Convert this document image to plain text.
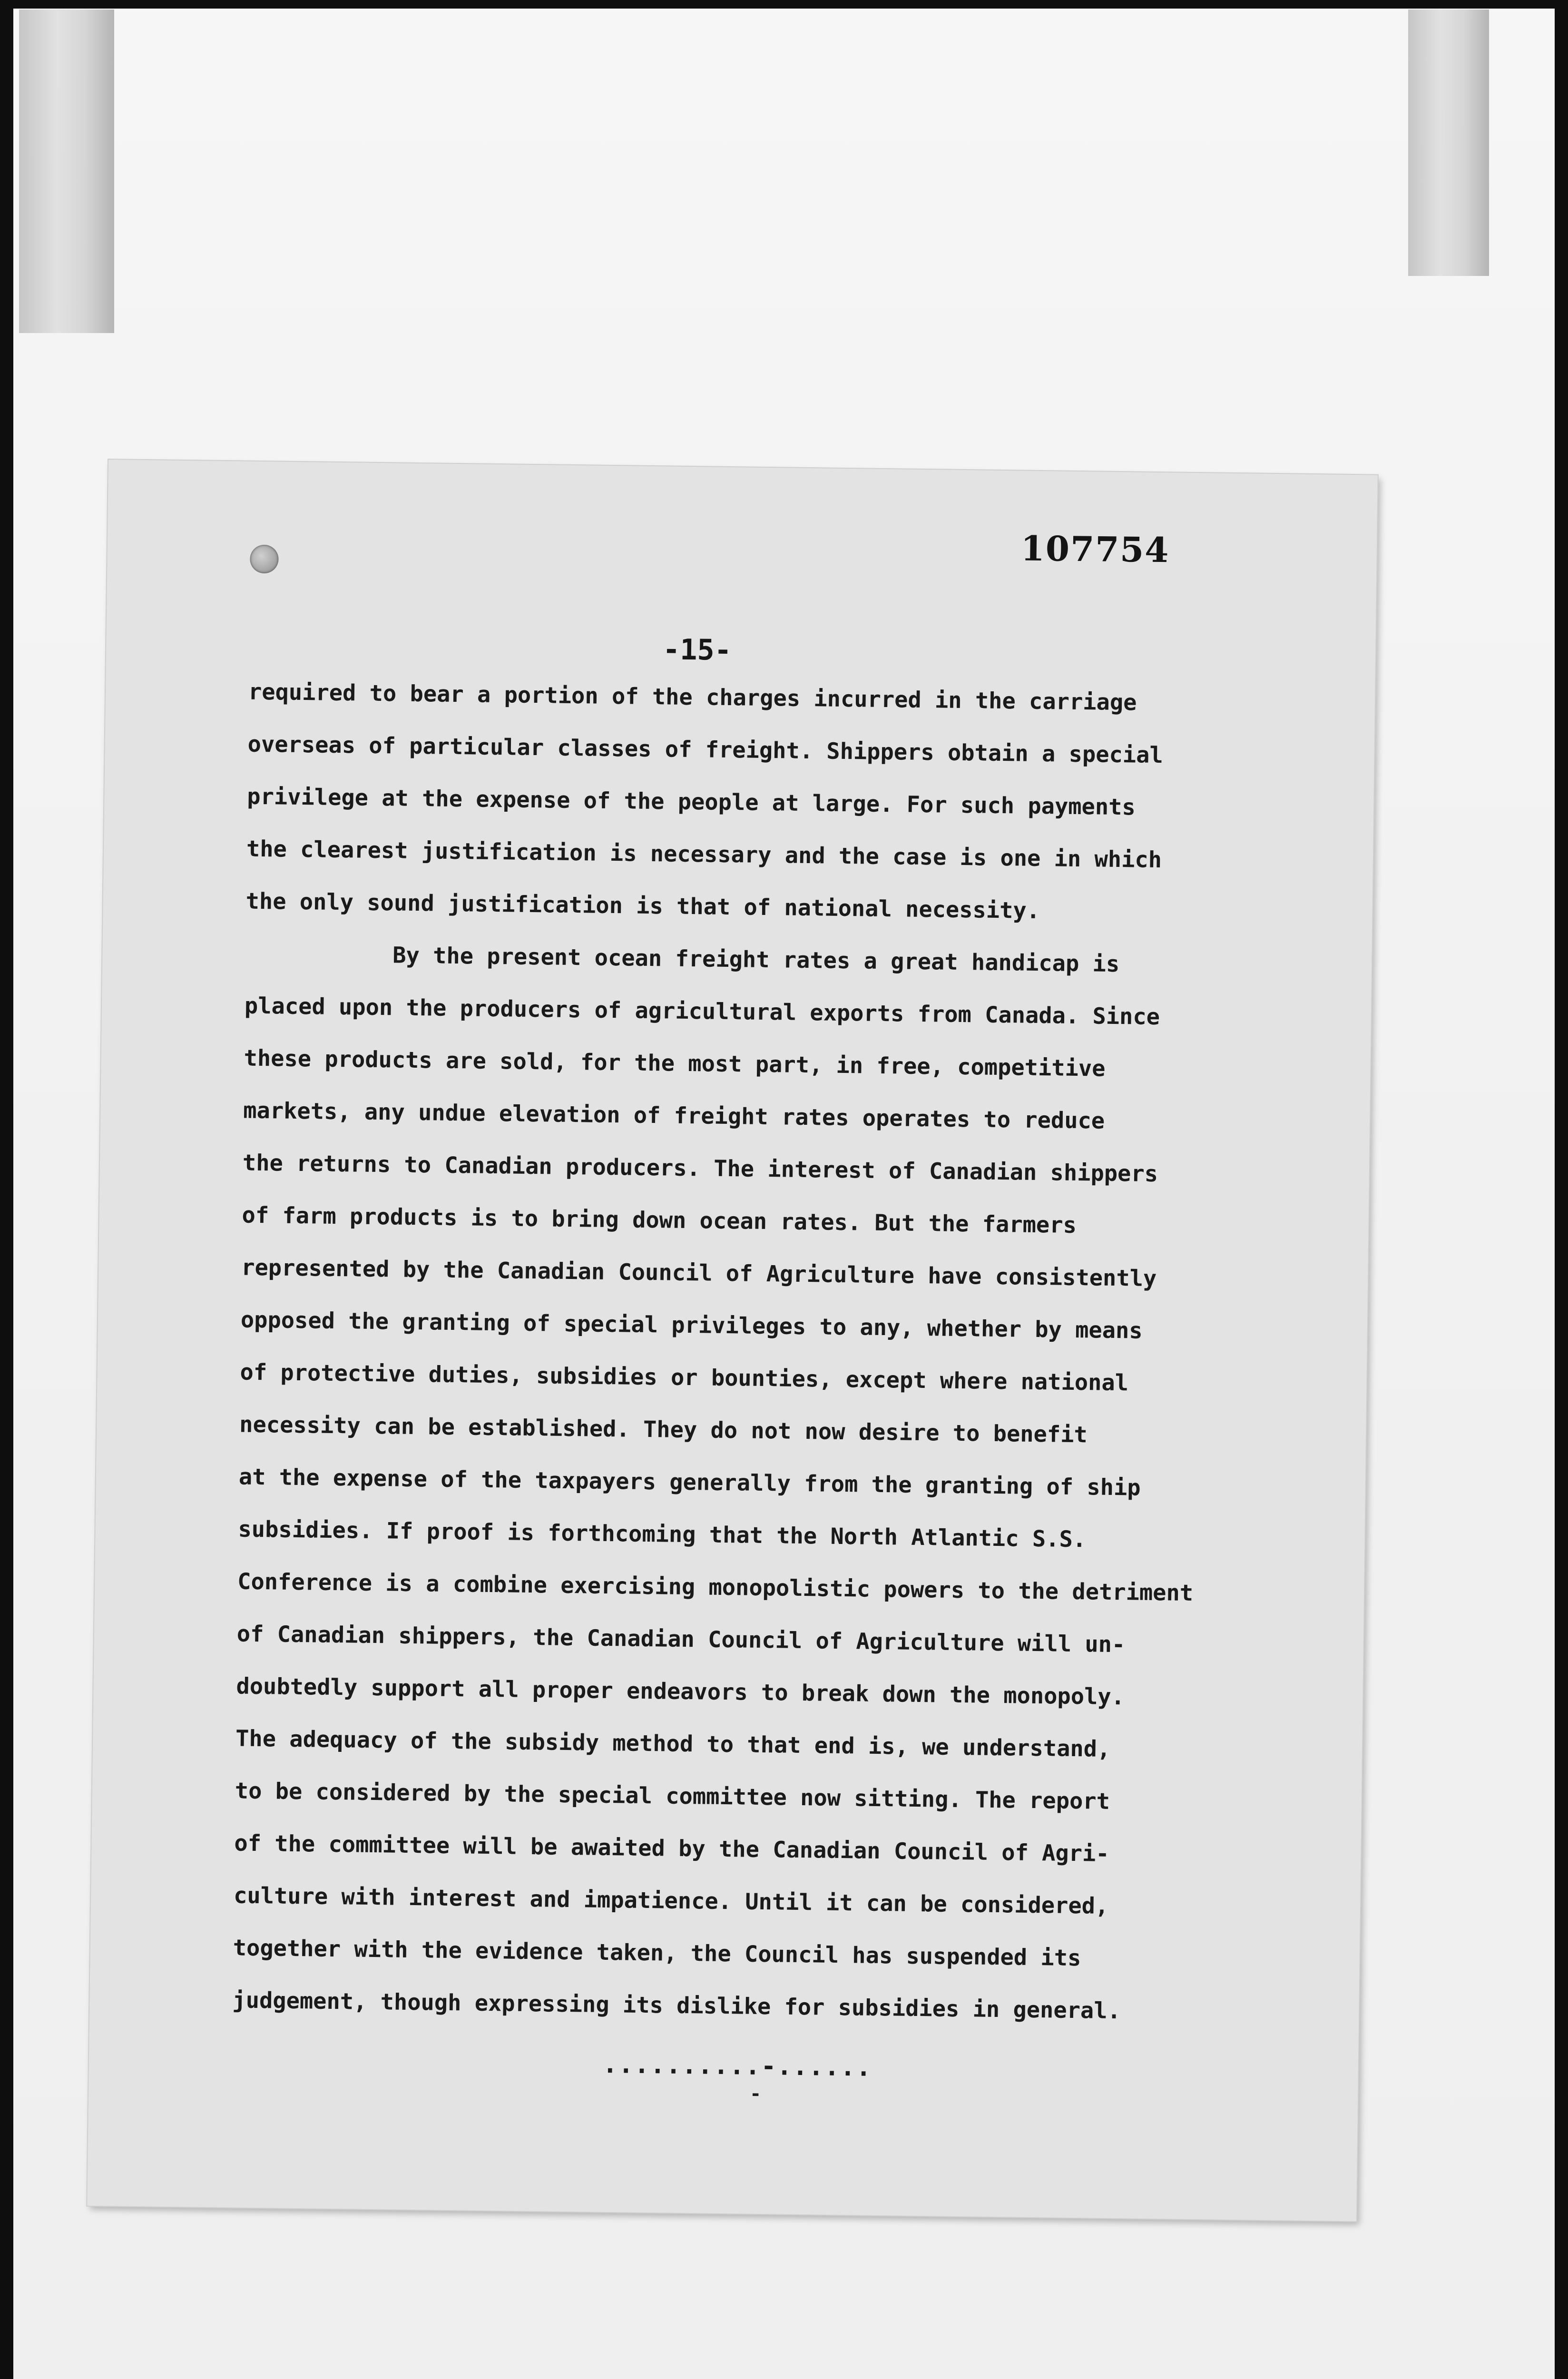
107754
-15-
required to bear a portion of the charges incurred in the carriage
overseas of particular classes of freight. Shippers obtain a special
privilege at the expense of the people at large. For such payments
the clearest justification is necessary and the case is one in which
the only sound justification is that of national necessity.
By the present ocean freight rates a great handicap is
placed upon the producers of agricultural exports from Canada. Since
these products are sold, for the most part, in free, competitive
markets, any undue elevation of freight rates operates to reduce
the returns to Canadian producers. The interest of Canadian shippers
of farm products is to bring down ocean rates. But the farmers
represented by the Canadian Council of Agriculture have consistently
opposed the granting of special privileges to any, whether by means
of protective duties, subsidies or bounties, except where national
necessity can be established. They do not now desire to benefit
at the expense of the taxpayers generally from the granting of ship
subsidies. If proof is forthcoming that the North Atlantic S.S.
Conference is a combine exercising monopolistic powers to the detriment
of Canadian shippers, the Canadian Council of Agriculture will un-
doubtedly support all proper endeavors to break down the monopoly.
The adequacy of the subsidy method to that end is, we understand,
to be considered by the special committee now sitting. The report
of the committee will be awaited by the Canadian Council of Agri-
culture with interest and impatience. Until it can be considered,
together with the evidence taken, the Council has suspended its
judgement, though expressing its dislike for subsidies in general.
..........-......
-
